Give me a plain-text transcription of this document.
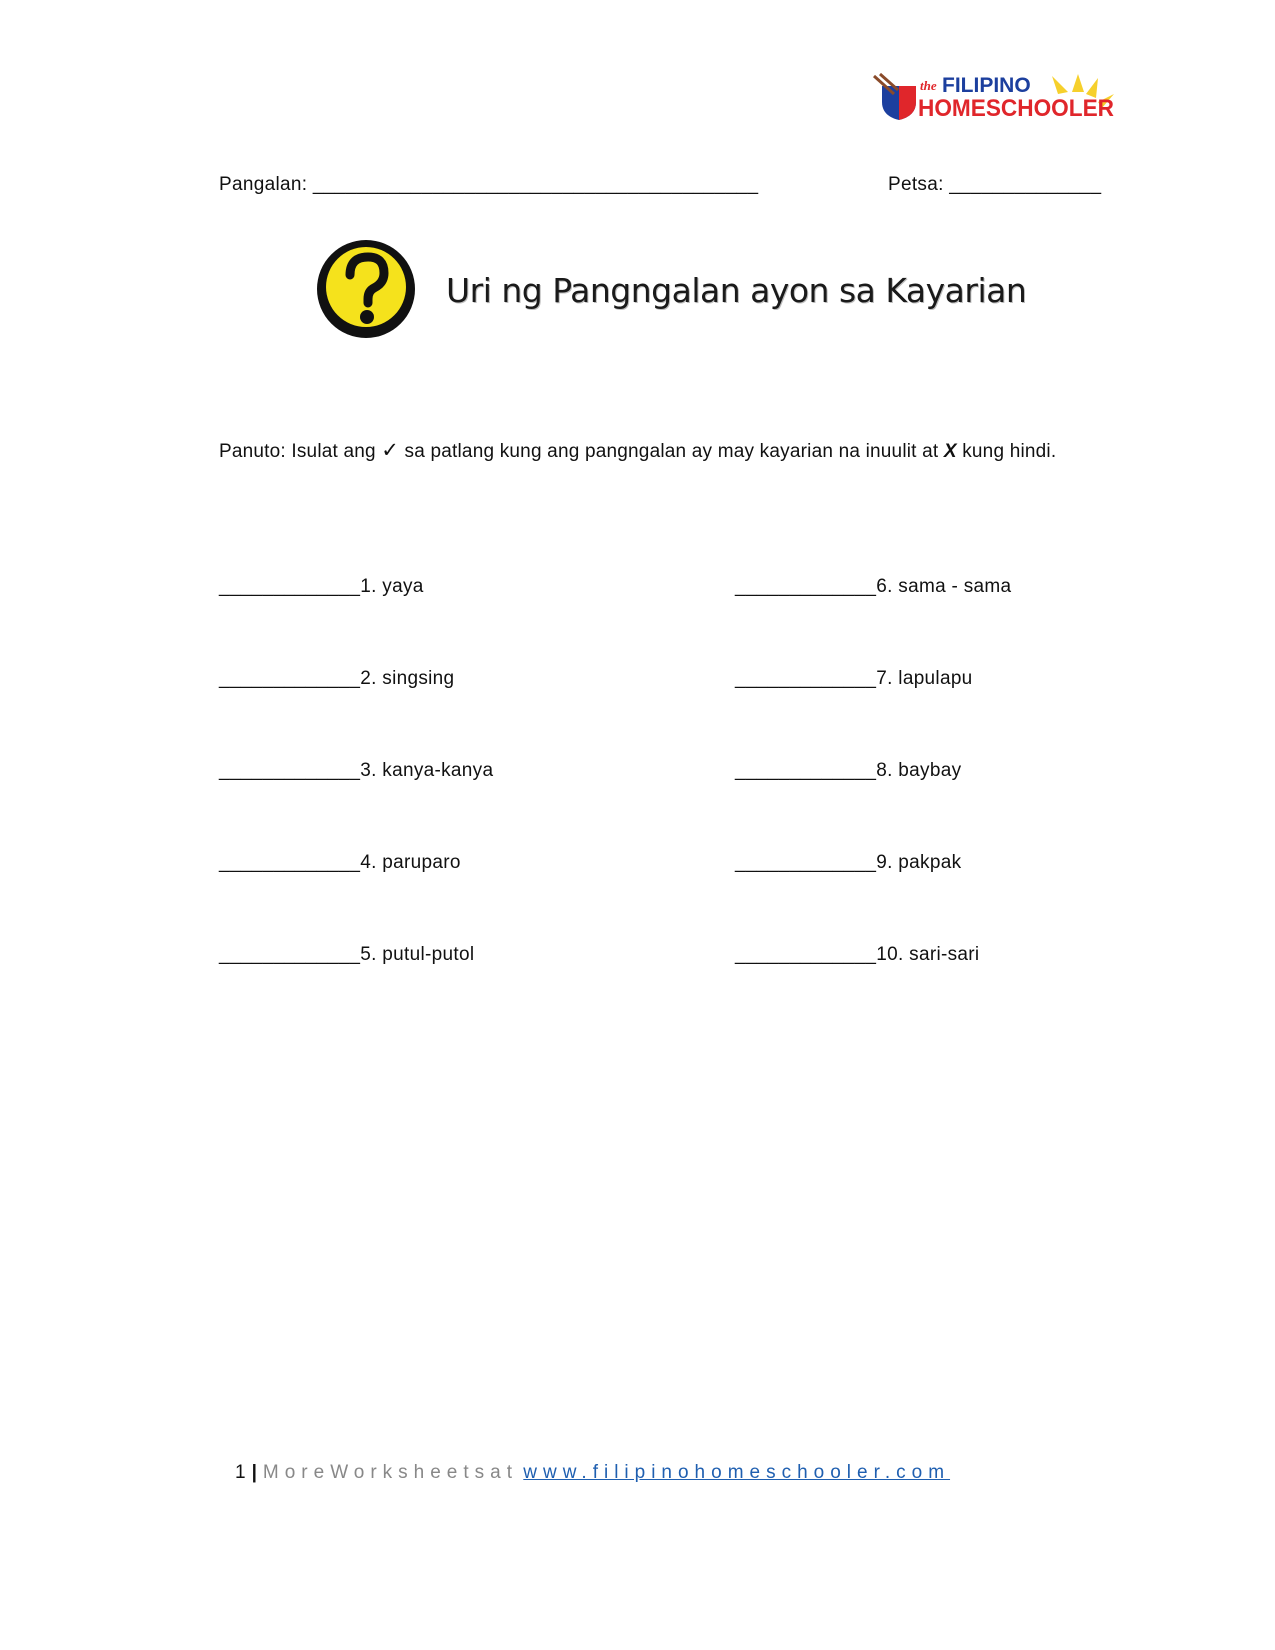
the FILIPINO
HOMESCHOOLER
Pangalan: _________________________________________	Petsa: ______________
Uri ng Pangngalan ayon sa Kayarian
Panuto: Isulat ang ✓ sa patlang kung ang pangngalan ay may kayarian na inuulit at X kung hindi.
_____________1. yaya
_____________2. singsing
_____________3. kanya-kanya
_____________4. paruparo
_____________5. putul-putol
_____________6. sama - sama
_____________7. lapulapu
_____________8. baybay
_____________9. pakpak
_____________10. sari-sari
1 | MoreWorksheetsat www.filipinohomeschooler.com
